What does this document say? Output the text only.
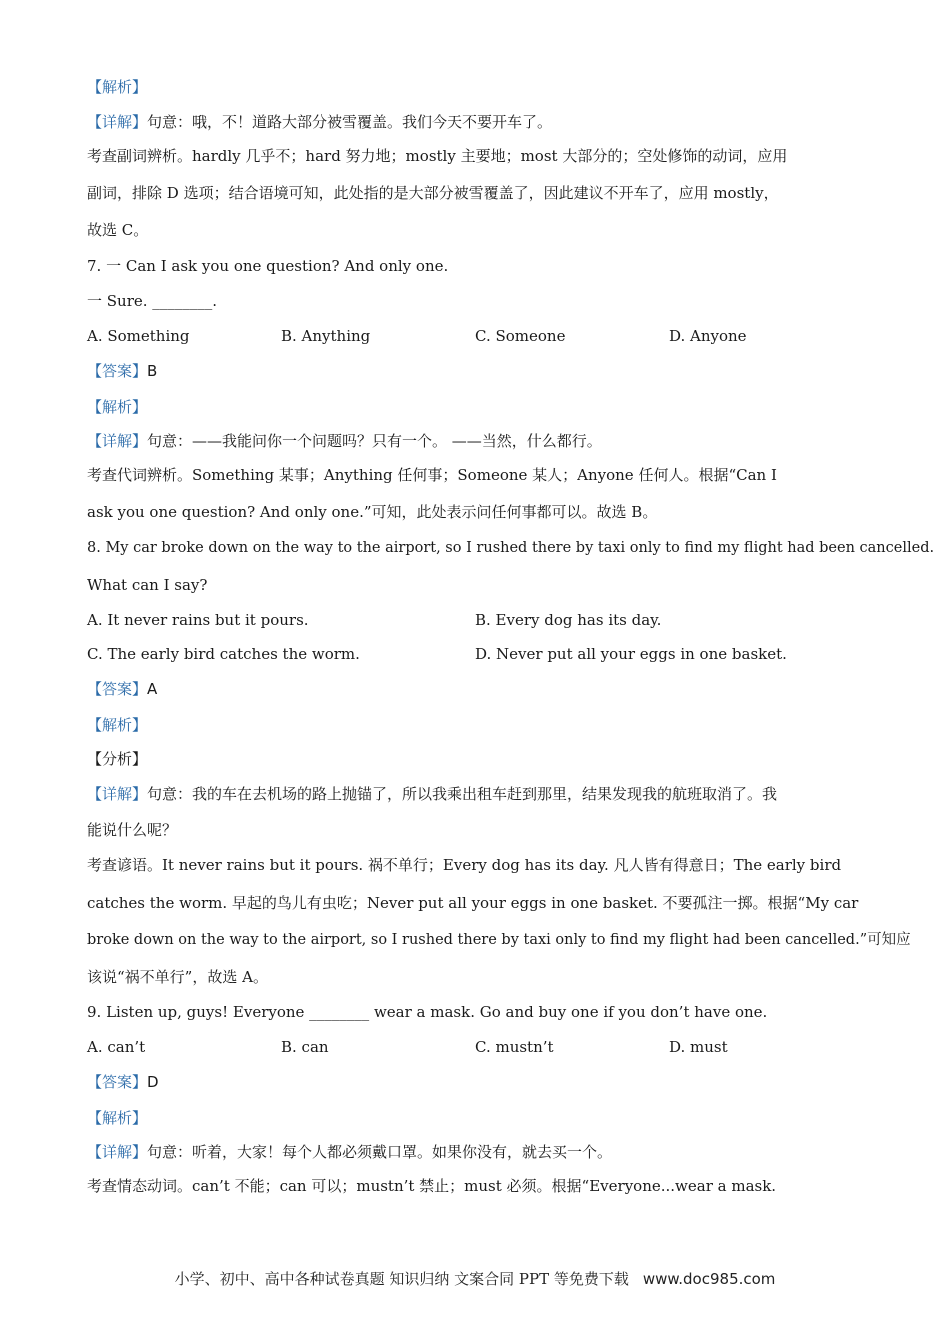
【解析】
【详解】句意：哦，不！道路大部分被雪覆盖。我们今天不要开车了。
考查副词辨析。hardly 几乎不；hard 努力地；mostly 主要地；most 大部分的；空处修饰的动词，应用
副词，排除 D 选项；结合语境可知，此处指的是大部分被雪覆盖了，因此建议不开车了，应用 mostly，
故选 C。
7. 一 Can I ask you one question? And only one.
一 Sure. ________.
A. Something	B. Anything	C. Someone	D. Anyone
【答案】B
【解析】
【详解】句意：——我能问你一个问题吗？只有一个。 ——当然，什么都行。
考查代词辨析。Something 某事；Anything 任何事；Someone 某人；Anyone 任何人。根据“Can I
ask you one question? And only one.”可知，此处表示问任何事都可以。故选 B。
8. My car broke down on the way to the airport, so I rushed there by taxi only to find my flight had been cancelled.
What can I say?
A. It never rains but it pours.	B. Every dog has its day.
C. The early bird catches the worm.	D. Never put all your eggs in one basket.
【答案】A
【解析】
【分析】
【详解】句意：我的车在去机场的路上抛锚了，所以我乘出租车赶到那里，结果发现我的航班取消了。我
能说什么呢？
考查谚语。It never rains but it pours. 祸不单行；Every dog has its day. 凡人皆有得意日；The early bird
catches the worm. 早起的鸟儿有虫吃；Never put all your eggs in one basket. 不要孤注一掷。根据“My car
broke down on the way to the airport, so I rushed there by taxi only to find my flight had been cancelled.”可知应
该说“祸不单行”，故选 A。
9. Listen up, guys! Everyone ________ wear a mask. Go and buy one if you don’t have one.
A. can’t	B. can	C. mustn’t	D. must
【答案】D
【解析】
【详解】句意：听着，大家！每个人都必须戴口罩。如果你没有，就去买一个。
考查情态动词。can’t 不能；can 可以；mustn’t 禁止；must 必须。根据“Everyone...wear a mask.
小学、初中、高中各种试卷真题 知识归纳 文案合同 PPT 等免费下载 www.doc985.com
